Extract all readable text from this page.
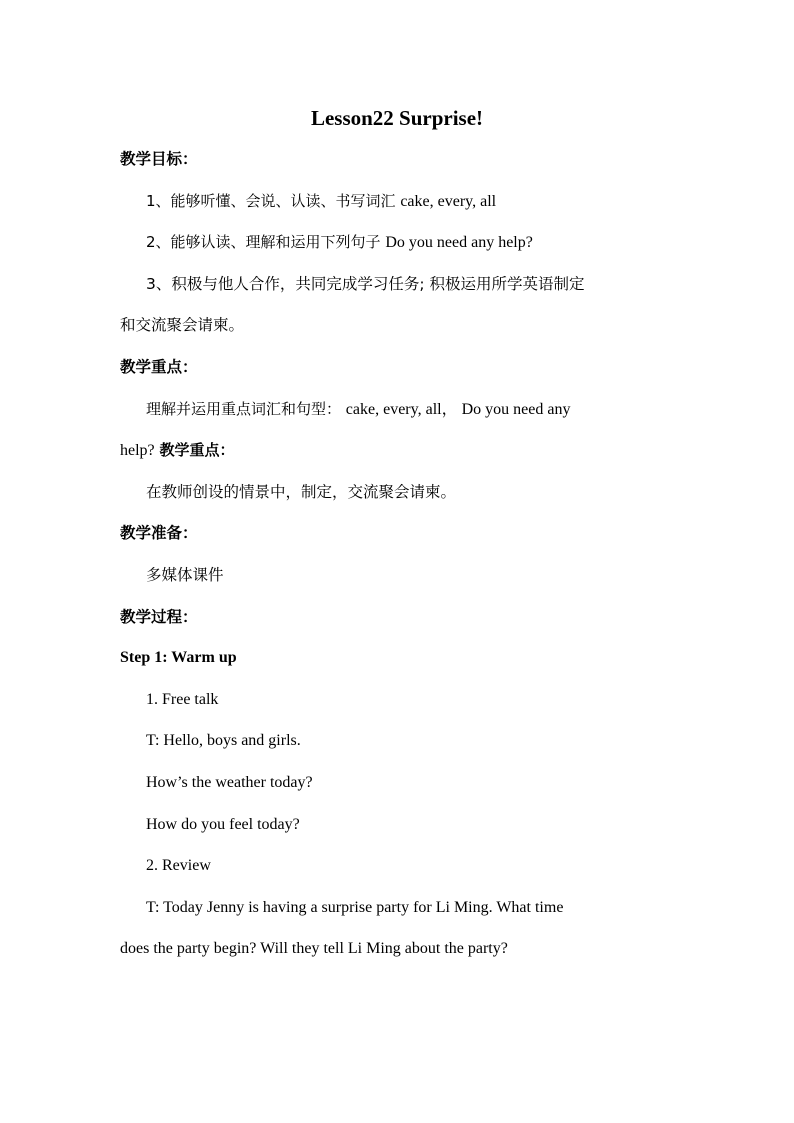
Lesson22 Surprise!
教学目标：
1、能够听懂、会说、认读、书写词汇 cake, every, all
2、能够认读、理解和运用下列句子 Do you need any help?
3、积极与他人合作，共同完成学习任务; 积极运用所学英语制定
和交流聚会请柬。
教学重点：
理解并运用重点词汇和句型： cake, every, all， Do you need any
help? 教学重点：
在教师创设的情景中，制定，交流聚会请柬。
教学准备：
多媒体课件
教学过程：
Step 1: Warm up
1. Free talk
T: Hello, boys and girls.
How’s the weather today?
How do you feel today?
2. Review
T: Today Jenny is having a surprise party for Li Ming. What time
does the party begin? Will they tell Li Ming about the party?
